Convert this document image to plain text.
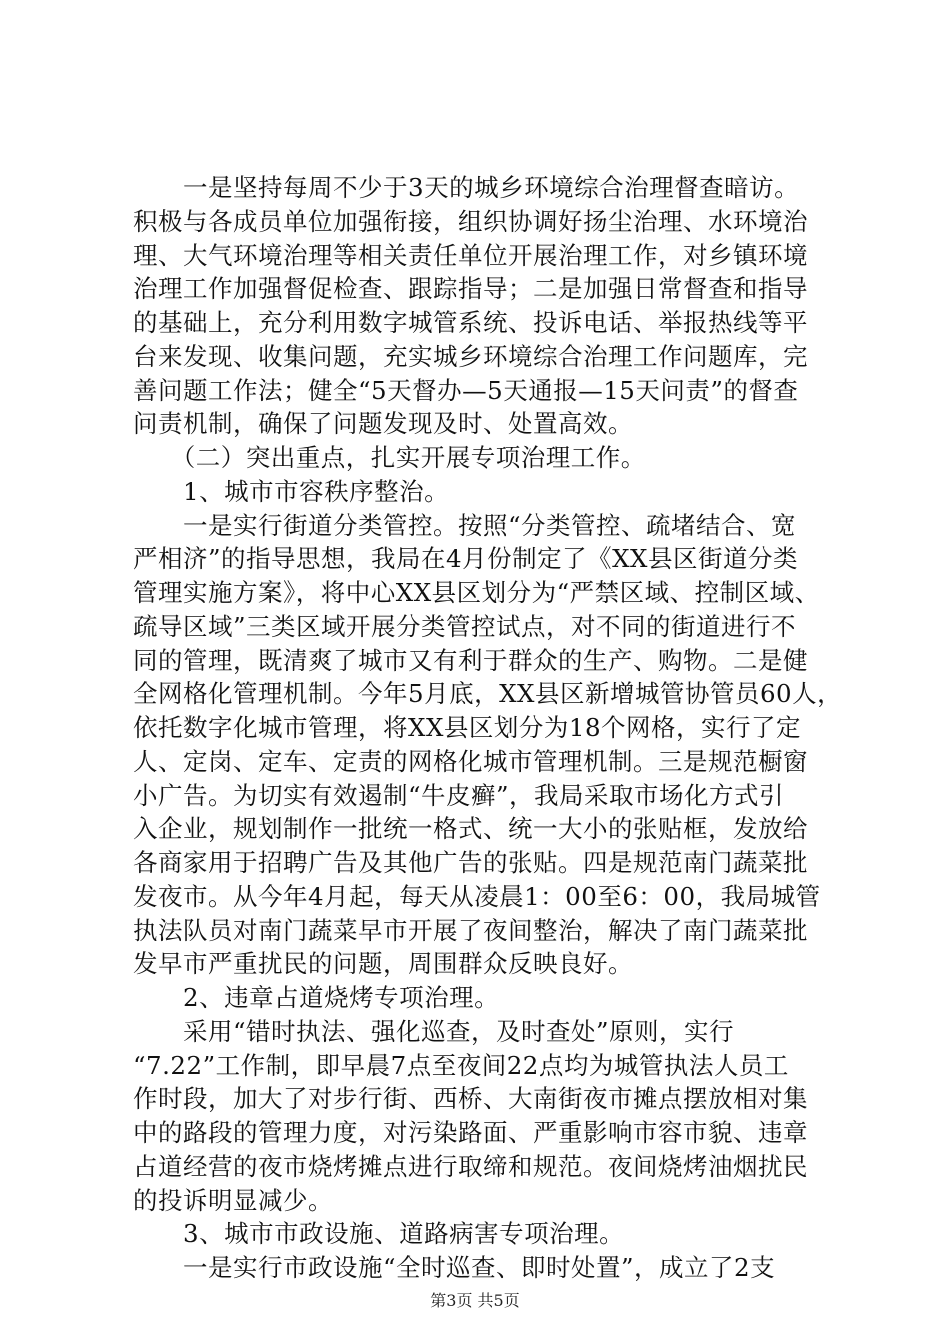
　　一是坚持每周不少于3天的城乡环境综合治理督查暗访。
积极与各成员单位加强衔接，组织协调好扬尘治理、水环境治
理、大气环境治理等相关责任单位开展治理工作，对乡镇环境
治理工作加强督促检查、跟踪指导；二是加强日常督查和指导
的基础上，充分利用数字城管系统、投诉电话、举报热线等平
台来发现、收集问题，充实城乡环境综合治理工作问题库，完
善问题工作法；健全“5天督办—5天通报—15天问责”的督查
问责机制，确保了问题发现及时、处置高效。
　　（二）突出重点，扎实开展专项治理工作。
　　1、城市市容秩序整治。
　　一是实行街道分类管控。按照“分类管控、疏堵结合、宽
严相济”的指导思想，我局在4月份制定了《XX县区街道分类
管理实施方案》，将中心XX县区划分为“严禁区域、控制区域、
疏导区域”三类区域开展分类管控试点，对不同的街道进行不
同的管理，既清爽了城市又有利于群众的生产、购物。二是健
全网格化管理机制。今年5月底，XX县区新增城管协管员60人，
依托数字化城市管理，将XX县区划分为18个网格，实行了定
人、定岗、定车、定责的网格化城市管理机制。三是规范橱窗
小广告。为切实有效遏制“牛皮癣”，我局采取市场化方式引
入企业，规划制作一批统一格式、统一大小的张贴框，发放给
各商家用于招聘广告及其他广告的张贴。四是规范南门蔬菜批
发夜市。从今年4月起，每天从凌晨1：00至6：00，我局城管
执法队员对南门蔬菜早市开展了夜间整治，解决了南门蔬菜批
发早市严重扰民的问题，周围群众反映良好。
　　2、违章占道烧烤专项治理。
　　采用“错时执法、强化巡查，及时查处”原则，实行
“7.22”工作制，即早晨7点至夜间22点均为城管执法人员工
作时段，加大了对步行街、西桥、大南街夜市摊点摆放相对集
中的路段的管理力度，对污染路面、严重影响市容市貌、违章
占道经营的夜市烧烤摊点进行取缔和规范。夜间烧烤油烟扰民
的投诉明显减少。
　　3、城市市政设施、道路病害专项治理。
　　一是实行市政设施“全时巡查、即时处置”，成立了2支
第3页 共5页
